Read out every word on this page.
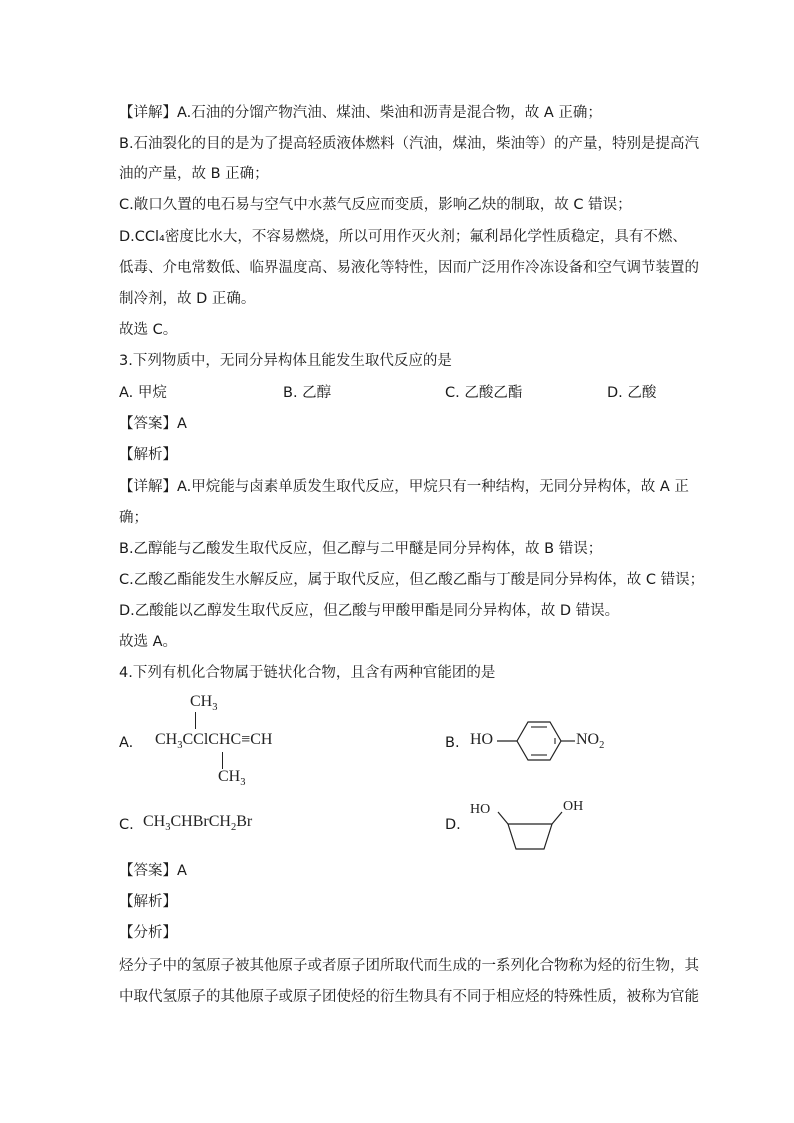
【详解】A.石油的分馏产物汽油、煤油、柴油和沥青是混合物，故 A 正确；
B.石油裂化的目的是为了提高轻质液体燃料（汽油，煤油，柴油等）的产量，特别是提高汽
油的产量，故 B 正确；
C.敞口久置的电石易与空气中水蒸气反应而变质，影响乙炔的制取，故 C 错误；
D.CCl₄密度比水大，不容易燃烧，所以可用作灭火剂；氟利昂化学性质稳定，具有不燃、
低毒、介电常数低、临界温度高、易液化等特性，因而广泛用作冷冻设备和空气调节装置的
制冷剂，故 D 正确。
故选 C。
3.下列物质中，无同分异构体且能发生取代反应的是
A. 甲烷	B. 乙醇	C. 乙酸乙酯	D. 乙酸
【答案】A
【解析】
【详解】A.甲烷能与卤素单质发生取代反应，甲烷只有一种结构，无同分异构体，故 A 正
确；
B.乙醇能与乙酸发生取代反应，但乙醇与二甲醚是同分异构体，故 B 错误；
C.乙酸乙酯能发生水解反应，属于取代反应，但乙酸乙酯与丁酸是同分异构体，故 C 错误；
D.乙酸能以乙醇发生取代反应，但乙酸与甲酸甲酯是同分异构体，故 D 错误。
故选 A。
4.下列有机化合物属于链状化合物，且含有两种官能团的是
A.
$CH_3$
$CH_3CClCHC\equiv CH$
$CH_3$
B. HO	$NO_2$
C. $CH_3CHBrCH_2Br$	D.
HO	OH
【答案】A
【解析】
【分析】
烃分子中的氢原子被其他原子或者原子团所取代而生成的一系列化合物称为烃的衍生物，其
中取代氢原子的其他原子或原子团使烃的衍生物具有不同于相应烃的特殊性质，被称为官能
